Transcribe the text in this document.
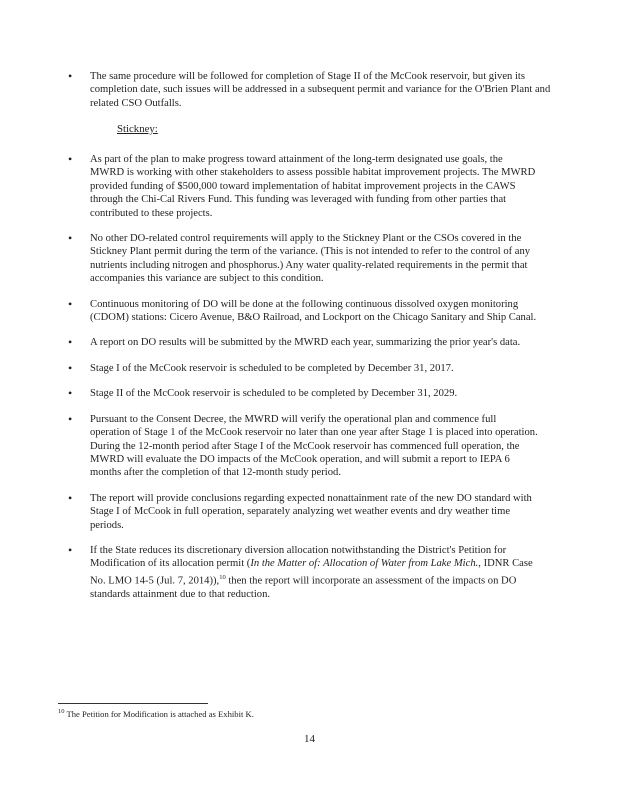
• The same procedure will be followed for completion of Stage II of the McCook reservoir, but given its completion date, such issues will be addressed in a subsequent permit and variance for the O'Brien Plant and related CSO Outfalls.

Stickney:

• As part of the plan to make progress toward attainment of the long-term designated use goals, the MWRD is working with other stakeholders to assess possible habitat improvement projects. The MWRD provided funding of $500,000 toward implementation of habitat improvement projects in the CAWS through the Chi-Cal Rivers Fund. This funding was leveraged with funding from other parties that contributed to these projects.

• No other DO-related control requirements will apply to the Stickney Plant or the CSOs covered in the Stickney Plant permit during the term of the variance. (This is not intended to refer to the control of any nutrients including nitrogen and phosphorus.) Any water quality-related requirements in the permit that accompanies this variance are subject to this condition.

• Continuous monitoring of DO will be done at the following continuous dissolved oxygen monitoring (CDOM) stations: Cicero Avenue, B&O Railroad, and Lockport on the Chicago Sanitary and Ship Canal.

• A report on DO results will be submitted by the MWRD each year, summarizing the prior year's data.

• Stage I of the McCook reservoir is scheduled to be completed by December 31, 2017.

• Stage II of the McCook reservoir is scheduled to be completed by December 31, 2029.

• Pursuant to the Consent Decree, the MWRD will verify the operational plan and commence full operation of Stage 1 of the McCook reservoir no later than one year after Stage 1 is placed into operation. During the 12-month period after Stage I of the McCook reservoir has commenced full operation, the MWRD will evaluate the DO impacts of the McCook operation, and will submit a report to IEPA 6 months after the completion of that 12-month study period.

• The report will provide conclusions regarding expected nonattainment rate of the new DO standard with Stage I of McCook in full operation, separately analyzing wet weather events and dry weather time periods.

• If the State reduces its discretionary diversion allocation notwithstanding the District's Petition for Modification of its allocation permit (In the Matter of: Allocation of Water from Lake Mich., IDNR Case No. LMO 14-5 (Jul. 7, 2014)),$^{10}$ then the report will incorporate an assessment of the impacts on DO standards attainment due to that reduction.

$^{10}$ The Petition for Modification is attached as Exhibit K.

14
